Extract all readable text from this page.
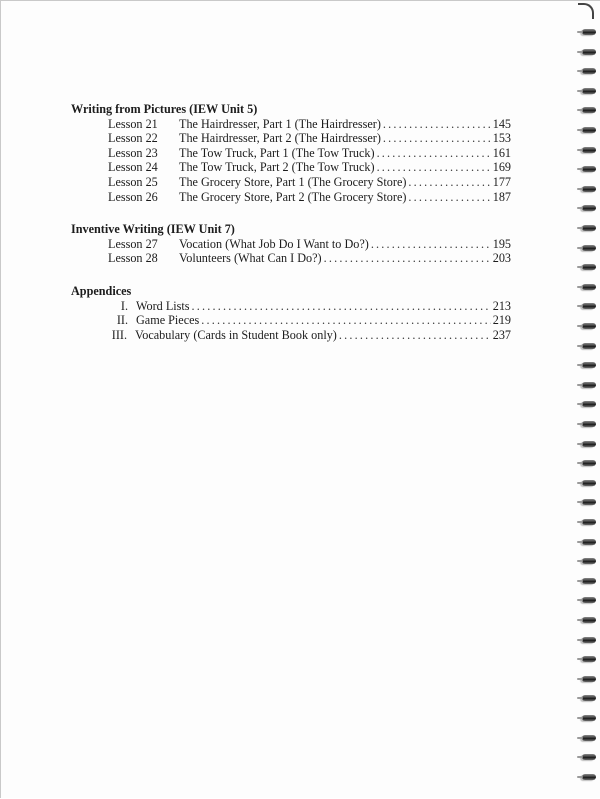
Writing from Pictures (IEW Unit 5)
Lesson 21	The Hairdresser, Part 1 (The Hairdresser) .....	145
Lesson 22	The Hairdresser, Part 2 (The Hairdresser) .....	153
Lesson 23	The Tow Truck, Part 1 (The Tow Truck) .....	161
Lesson 24	The Tow Truck, Part 2 (The Tow Truck) .....	169
Lesson 25	The Grocery Store, Part 1 (The Grocery Store) .....	177
Lesson 26	The Grocery Store, Part 2 (The Grocery Store) .....	187
Inventive Writing (IEW Unit 7)
Lesson 27	Vocation (What Job Do I Want to Do?) .....	195
Lesson 28	Volunteers (What Can I Do?) .....	203
Appendices
I. Word Lists .....	213
II. Game Pieces .....	219
III. Vocabulary (Cards in Student Book only) .....	237
